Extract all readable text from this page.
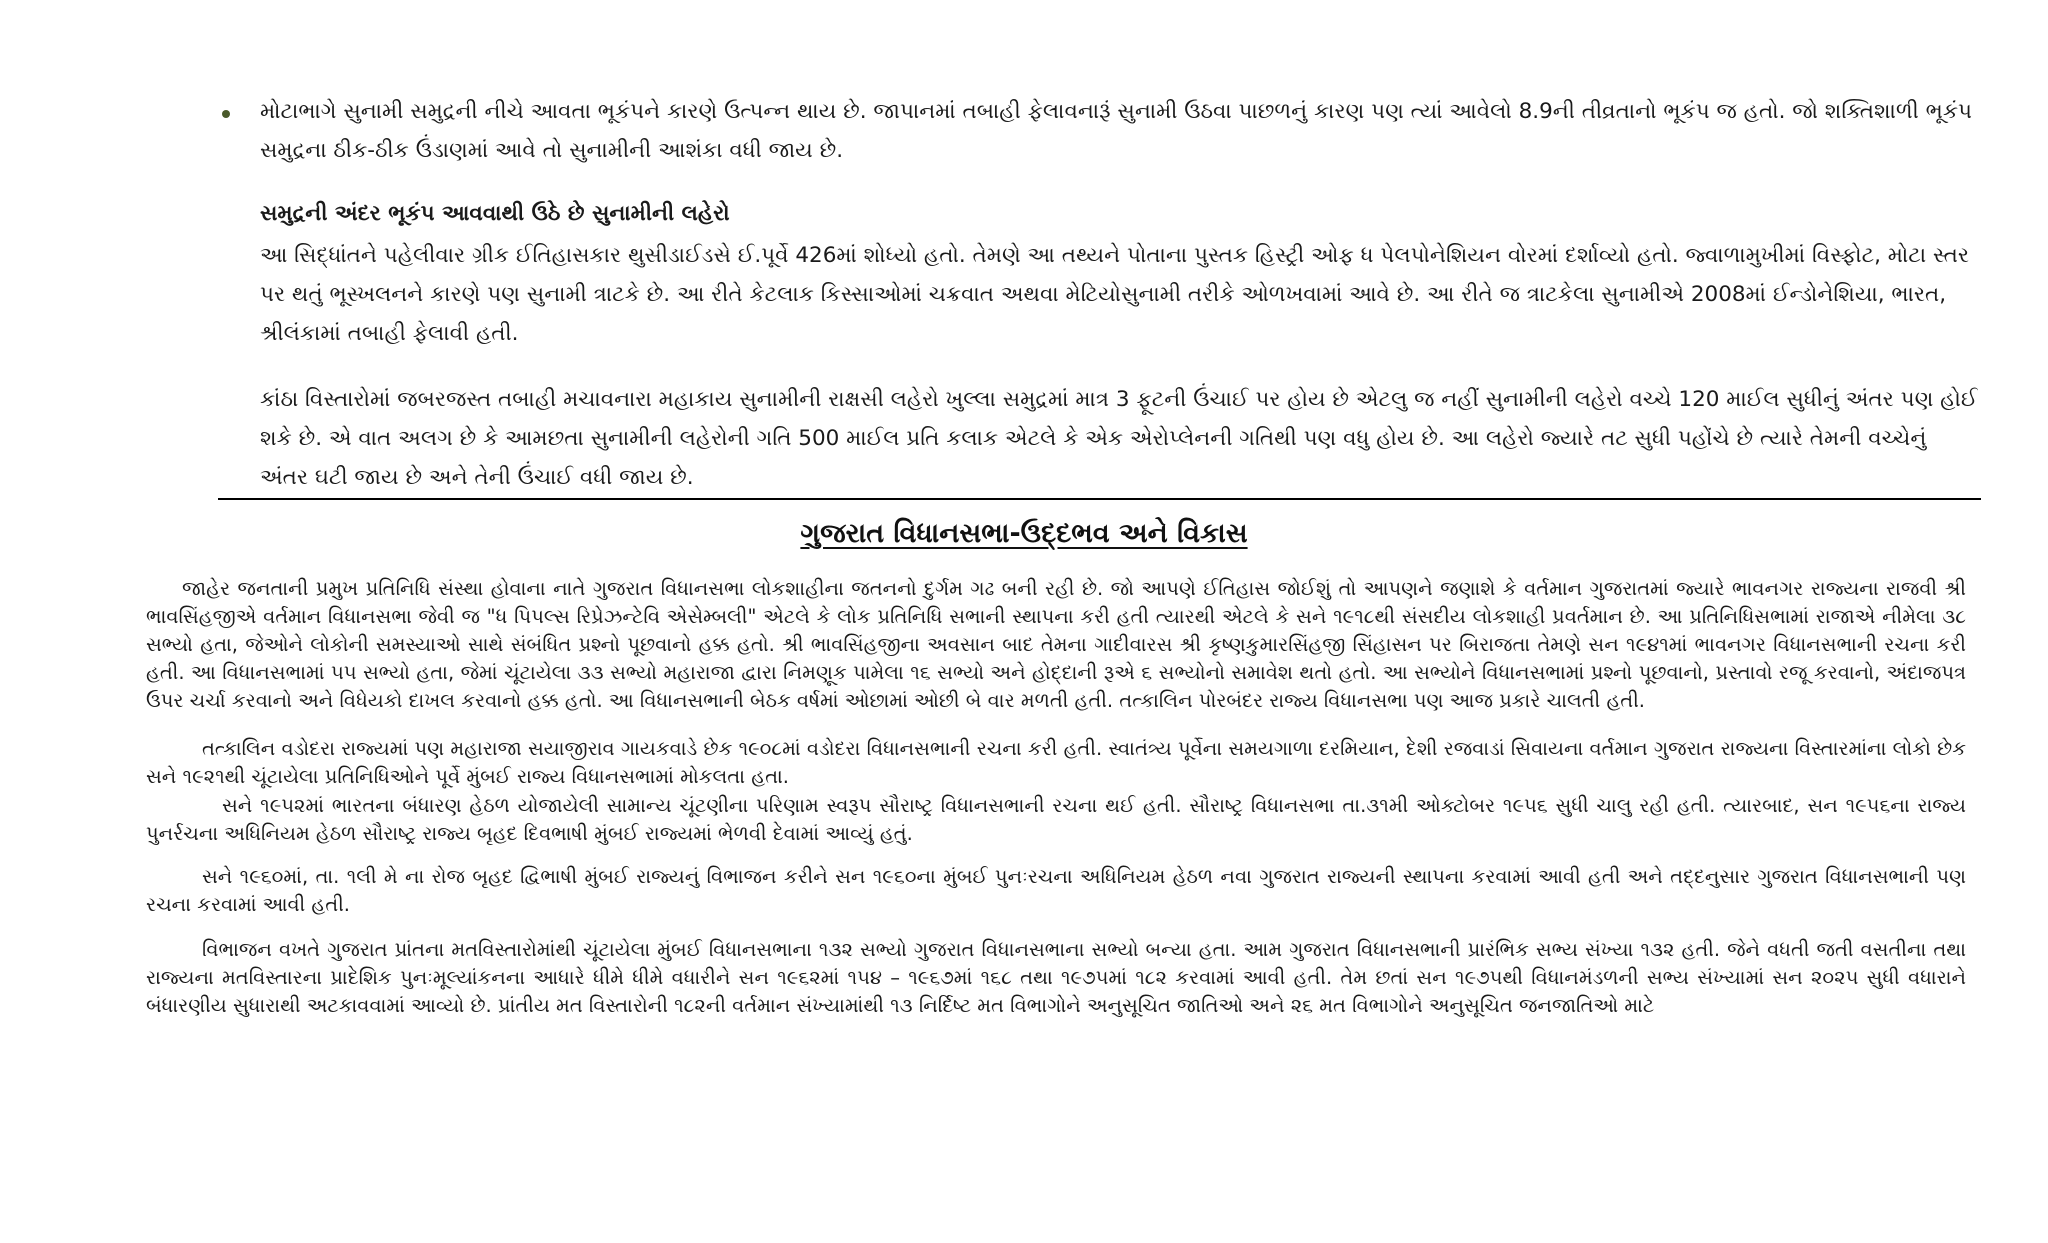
મોટાભાગે સુનામી સમુદ્રની નીચે આવતા ભૂકંપને કારણે ઉત્પન્ન થાય છે. જાપાનમાં તબાહી ફેલાવનારૂં સુનામી ઉઠવા પાછળનું કારણ પણ ત્યાં આવેલો 8.9ની તીવ્રતાનો ભૂકંપ જ હતો. જો શક્તિશાળી ભૂકંપ સમુદ્રના ઠીક-ઠીક ઉંડાણમાં આવે તો સુનામીની આશંકા વધી જાય છે.
સમુદ્રની અંદર ભૂકંપ આવવાથી ઉઠે છે સુનામીની લહેરો
આ સિદ્ધાંતને પહેલીવાર ગ્રીક ઈતિહાસકાર થુસીડાઈડસે ઈ.પૂર્વે 426માં શોધ્યો હતો. તેમણે આ તથ્યને પોતાના પુસ્તક હિસ્ટ્રી ઓફ ધ પેલપોનેશિયન વોરમાં દર્શાવ્યો હતો. જ્વાળામુખીમાં વિસ્ફોટ, મોટા સ્તર પર થતું ભૂસ્ખલનને કારણે પણ સુનામી ત્રાટકે છે. આ રીતે કેટલાક કિસ્સાઓમાં ચક્રવાત અથવા મેટિયોસુનામી તરીકે ઓળખવામાં આવે છે. આ રીતે જ ત્રાટકેલા સુનામીએ 2008માં ઈન્ડોનેશિયા, ભારત, શ્રીલંકામાં તબાહી ફેલાવી હતી.
કાંઠા વિસ્તારોમાં જબરજસ્ત તબાહી મચાવનારા મહાકાય સુનામીની રાક્ષસી લહેરો ખુલ્લા સમુદ્રમાં માત્ર 3 ફૂટની ઉંચાઈ પર હોય છે એટલુ જ નહીં સુનામીની લહેરો વચ્ચે 120 માઈલ સુધીનું અંતર પણ હોઈ શકે છે. એ વાત અલગ છે કે આમછતા સુનામીની લહેરોની ગતિ 500 માઈલ પ્રતિ કલાક એટલે કે એક એરોપ્લેનની ગતિથી પણ વધુ હોય છે. આ લહેરો જ્યારે તટ સુધી પહોંચે છે ત્યારે તેમની વચ્ચેનું અંતર ઘટી જાય છે અને તેની ઉંચાઈ વધી જાય છે.
ગુજરાત વિધાનસભા-ઉદ્દભવ અને વિકાસ
જાહેર જનતાની પ્રમુખ પ્રતિનિધિ સંસ્થા હોવાના નાતે ગુજરાત વિધાનસભા લોકશાહીના જતનનો દુર્ગમ ગઢ બની રહી છે. જો આપણે ઈતિહાસ જોઈશું તો આપણને જણાશે કે વર્તમાન ગુજરાતમાં જ્યારે ભાવનગર રાજ્યના રાજવી શ્રી ભાવસિંહજીએ વર્તમાન વિધાનસભા જેવી જ "ધ પિપલ્સ રિપ્રેઝન્ટેવિ એસેમ્બલી" એટલે કે લોક પ્રતિનિધિ સભાની સ્થાપના કરી હતી ત્યારથી એટલે કે સને ૧૯૧૮થી સંસદીય લોકશાહી પ્રવર્તમાન છે. આ પ્રતિનિધિસભામાં રાજાએ નીમેલા ૩૮ સભ્યો હતા, જેઓને લોકોની સમસ્યાઓ સાથે સંબંધિત પ્રશ્નો પૂછવાનો હક્ક હતો. શ્રી ભાવસિંહજીના અવસાન બાદ તેમના ગાદીવારસ શ્રી કૃષ્ણકુમારસિંહજી સિંહાસન પર બિરાજતા તેમણે સન ૧૯૪૧માં ભાવનગર વિધાનસભાની રચના કરી હતી. આ વિધાનસભામાં ૫૫ સભ્યો હતા, જેમાં ચૂંટાયેલા ૩૩ સભ્યો મહારાજા દ્વારા નિમણૂક પામેલા ૧૬ સભ્યો અને હોદ્દાની રૂએ ૬ સભ્યોનો સમાવેશ થતો હતો. આ સભ્યોને વિધાનસભામાં પ્રશ્નો પૂછવાનો, પ્રસ્તાવો રજૂ કરવાનો, અંદાજપત્ર ઉપર ચર્ચા કરવાનો અને વિધેયકો દાખલ કરવાનો હક્ક હતો. આ વિધાનસભાની બેઠક વર્ષમાં ઓછામાં ઓછી બે વાર મળતી હતી. તત્કાલિન પોરબંદર રાજ્ય વિધાનસભા પણ આજ પ્રકારે ચાલતી હતી.
તત્કાલિન વડોદરા રાજ્યમાં પણ મહારાજા સયાજીરાવ ગાયકવાડે છેક ૧૯૦૮માં વડોદરા વિધાનસભાની રચના કરી હતી. સ્વાતંત્ર્ય પૂર્વેના સમયગાળા દરમિયાન, દેશી રજવાડાં સિવાયના વર્તમાન ગુજરાત રાજ્યના વિસ્તારમાંના લોકો છેક સને ૧૯૨૧થી ચૂંટાયેલા પ્રતિનિધિઓને પૂર્વે મુંબઈ રાજ્ય વિધાનસભામાં મોકલતા હતા.
સને ૧૯૫૨માં ભારતના બંધારણ હેઠળ યોજાયેલી સામાન્ય ચૂંટણીના પરિણામ સ્વરૂપ સૌરાષ્ટ્ર વિધાનસભાની રચના થઈ હતી. સૌરાષ્ટ્ર વિધાનસભા તા.૩૧મી ઓક્ટોબર ૧૯૫૬ સુધી ચાલુ રહી હતી. ત્યારબાદ, સન ૧૯૫૬ના રાજ્ય પુનર્રચના અધિનિયમ હેઠળ સૌરાષ્ટ્ર રાજ્ય બૃહદ દિવભાષી મુંબઈ રાજ્યમાં ભેળવી દેવામાં આવ્યું હતું.
સને ૧૯૬૦માં, તા. ૧લી મે ના રોજ બૃહદ દ્વિભાષી મુંબઈ રાજ્યનું વિભાજન કરીને સન ૧૯૬૦ના મુંબઈ પુનઃરચના અધિનિયમ હેઠળ નવા ગુજરાત રાજ્યની સ્થાપના કરવામાં આવી હતી અને તદ્દનુસાર ગુજરાત વિધાનસભાની પણ રચના કરવામાં આવી હતી.
વિભાજન વખતે ગુજરાત પ્રાંતના મતવિસ્તારોમાંથી ચૂંટાયેલા મુંબઈ વિધાનસભાના ૧૩૨ સભ્યો ગુજરાત વિધાનસભાના સભ્યો બન્યા હતા. આમ ગુજરાત વિધાનસભાની પ્રારંભિક સભ્ય સંખ્યા ૧૩૨ હતી. જેને વધતી જતી વસતીના તથા રાજ્યના મતવિસ્તારના પ્રાદેશિક પુનઃમૂલ્યાંકનના આધારે ધીમે ધીમે વધારીને સન ૧૯૬૨માં ૧૫૪ – ૧૯૬૭માં ૧૬૮ તથા ૧૯૭૫માં ૧૮૨ કરવામાં આવી હતી. તેમ છતાં સન ૧૯૭૫થી વિધાનમંડળની સભ્ય સંખ્યામાં સન ૨૦૨૫ સુધી વધારાને બંધારણીય સુધારાથી અટકાવવામાં આવ્યો છે. પ્રાંતીય મત વિસ્તારોની ૧૮૨ની વર્તમાન સંખ્યામાંથી ૧૩ નિર્દિષ્ટ મત વિભાગોને અનુસૂચિત જાતિઓ અને ૨૬ મત વિભાગોને અનુસૂચિત જનજાતિઓ માટે
